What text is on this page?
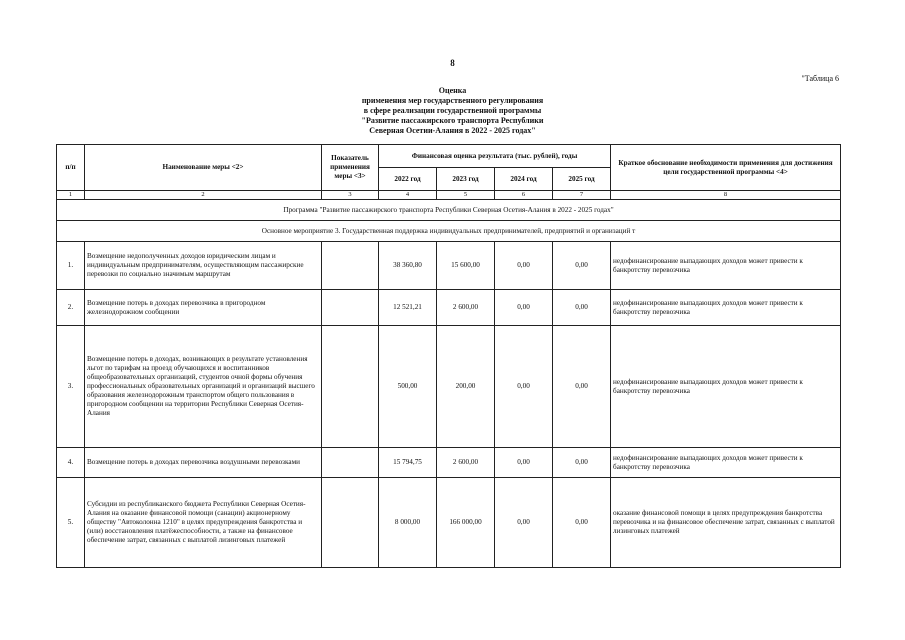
8
"Таблица 6
Оценка
применения мер государственного регулирования
в сфере реализации государственной программы
"Развитие пассажирского транспорта Республики
Северная Осетии-Алания в 2022 - 2025 годах"
п/п	Наименование меры <2>	Показатель применения меры <3>	Финансовая оценка результата (тыс. рублей), годы				Краткое обоснование необходимости применения для достижения цели государственной программы <4>
			2022 год	2023 год	2024 год	2025 год	
1	2	3	4	5	6	7	8
Программа "Развитие пассажирского транспорта Республики Северная Осетия-Алания в 2022 - 2025 годах"							
Основное мероприятие 3. Государственная поддержка индивидуальных предпринимателей, предприятий и организаций т							
1.	Возмещение недополученных доходов юридическим лицам и индивидуальным предпринимателям, осуществляющим пассажирские перевозки по социально значимым маршрутам		38 360,80	15 600,00	0,00	0,00	недофинансирование выпадающих доходов может привести к банкротству перевозчика
2.	Возмещение потерь в доходах перевозчика в пригородном железнодорожном сообщении		12 521,21	2 600,00	0,00	0,00	недофинансирование выпадающих доходов может привести к банкротству перевозчика
3.	Возмещение потерь в доходах, возникающих в результате установления льгот по тарифам на проезд обучающихся и воспитанников общеобразовательных организаций, студентов очной формы обучения профессиональных образовательных организаций и организаций высшего образования железнодорожным транспортом общего пользования в пригородном сообщении на территории Республики Северная Осетия-Алания		500,00	200,00	0,00	0,00	недофинансирование выпадающих доходов может привести к банкротству перевозчика
4.	Возмещение потерь в доходах перевозчика воздушными перевозками		15 794,75	2 600,00	0,00	0,00	недофинансирование выпадающих доходов может привести к банкротству перевозчика
5.	Субсидии из республиканского бюджета Республики Северная Осетия-Алания на оказание финансовой помощи (санации) акционерному обществу "Автоколонна 1210" в целях предупреждения банкротства и (или) восстановления платёжеспособности, а также на финансовое обеспечение затрат, связанных с выплатой лизинговых платежей		8 000,00	166 000,00	0,00	0,00	оказание финансовой помощи в целях предупреждения банкротства перевозчика и на финансовое обеспечение затрат, связанных с выплатой лизинговых платежей
